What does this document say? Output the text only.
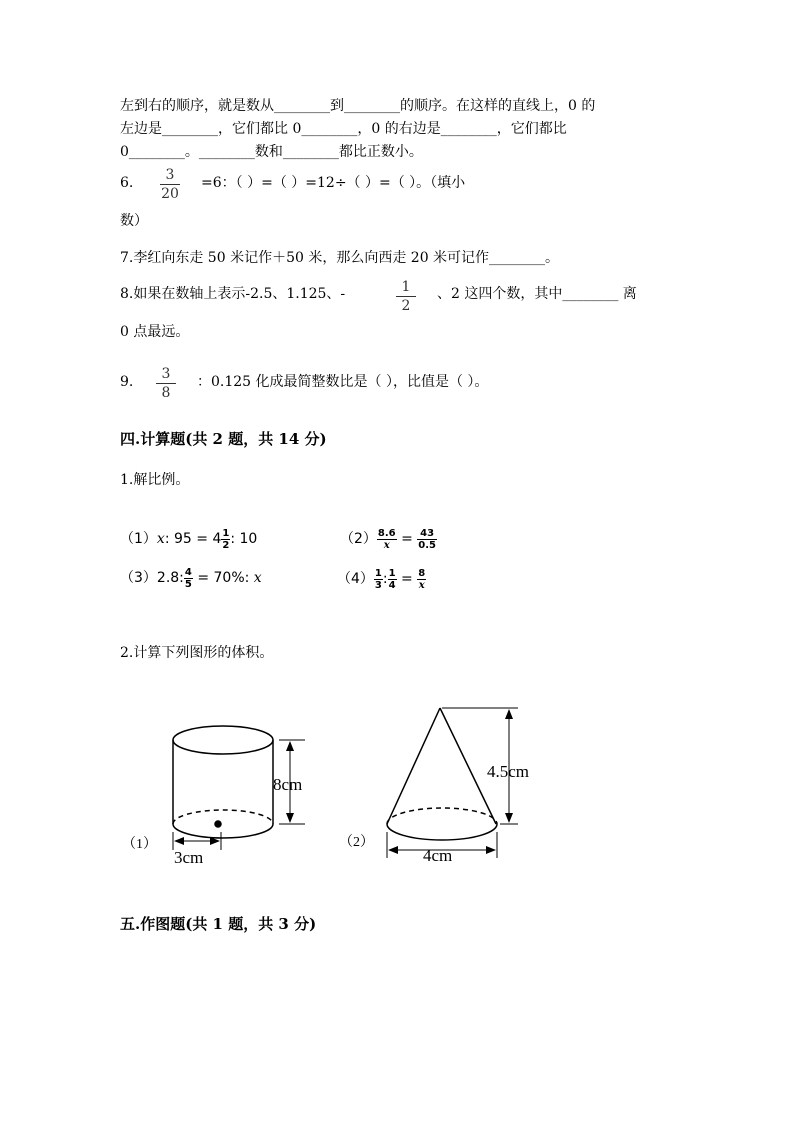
左到右的顺序，就是数从________到________的顺序。在这样的直线上，0 的
左边是________，它们都比 0________，0 的右边是________，它们都比
0________。________数和________都比正数小。
6.	3
20
=6：（ ）=（ ）=12÷（ ）=（ ）。（填小
数）
7.李红向东走 50 米记作＋50 米，那么向西走 20 米可记作________。
8.如果在数轴上表示-2.5、1.125、-	1
2
、2 这四个数，其中________ 离
0 点最远。
9.	3
8
：0.125 化成最简整数比是（ ），比值是（ ）。
四.计算题(共 2 题，共 14 分)
1.解比例。
（1）x: $95 = 4 \frac{1}{2}$ : 10	$(2) \frac{8.6}{x} = \frac{43}{0.5}$
（3）2.8: $\frac{4}{5} = 70\%$: x	$(4) \frac{1}{3}$ : $\frac{1}{4} = \frac{8}{x}$
2.计算下列图形的体积。
8cm
3cm
（1）
4.5cm
4cm
（2）
五.作图题(共 1 题，共 3 分)
